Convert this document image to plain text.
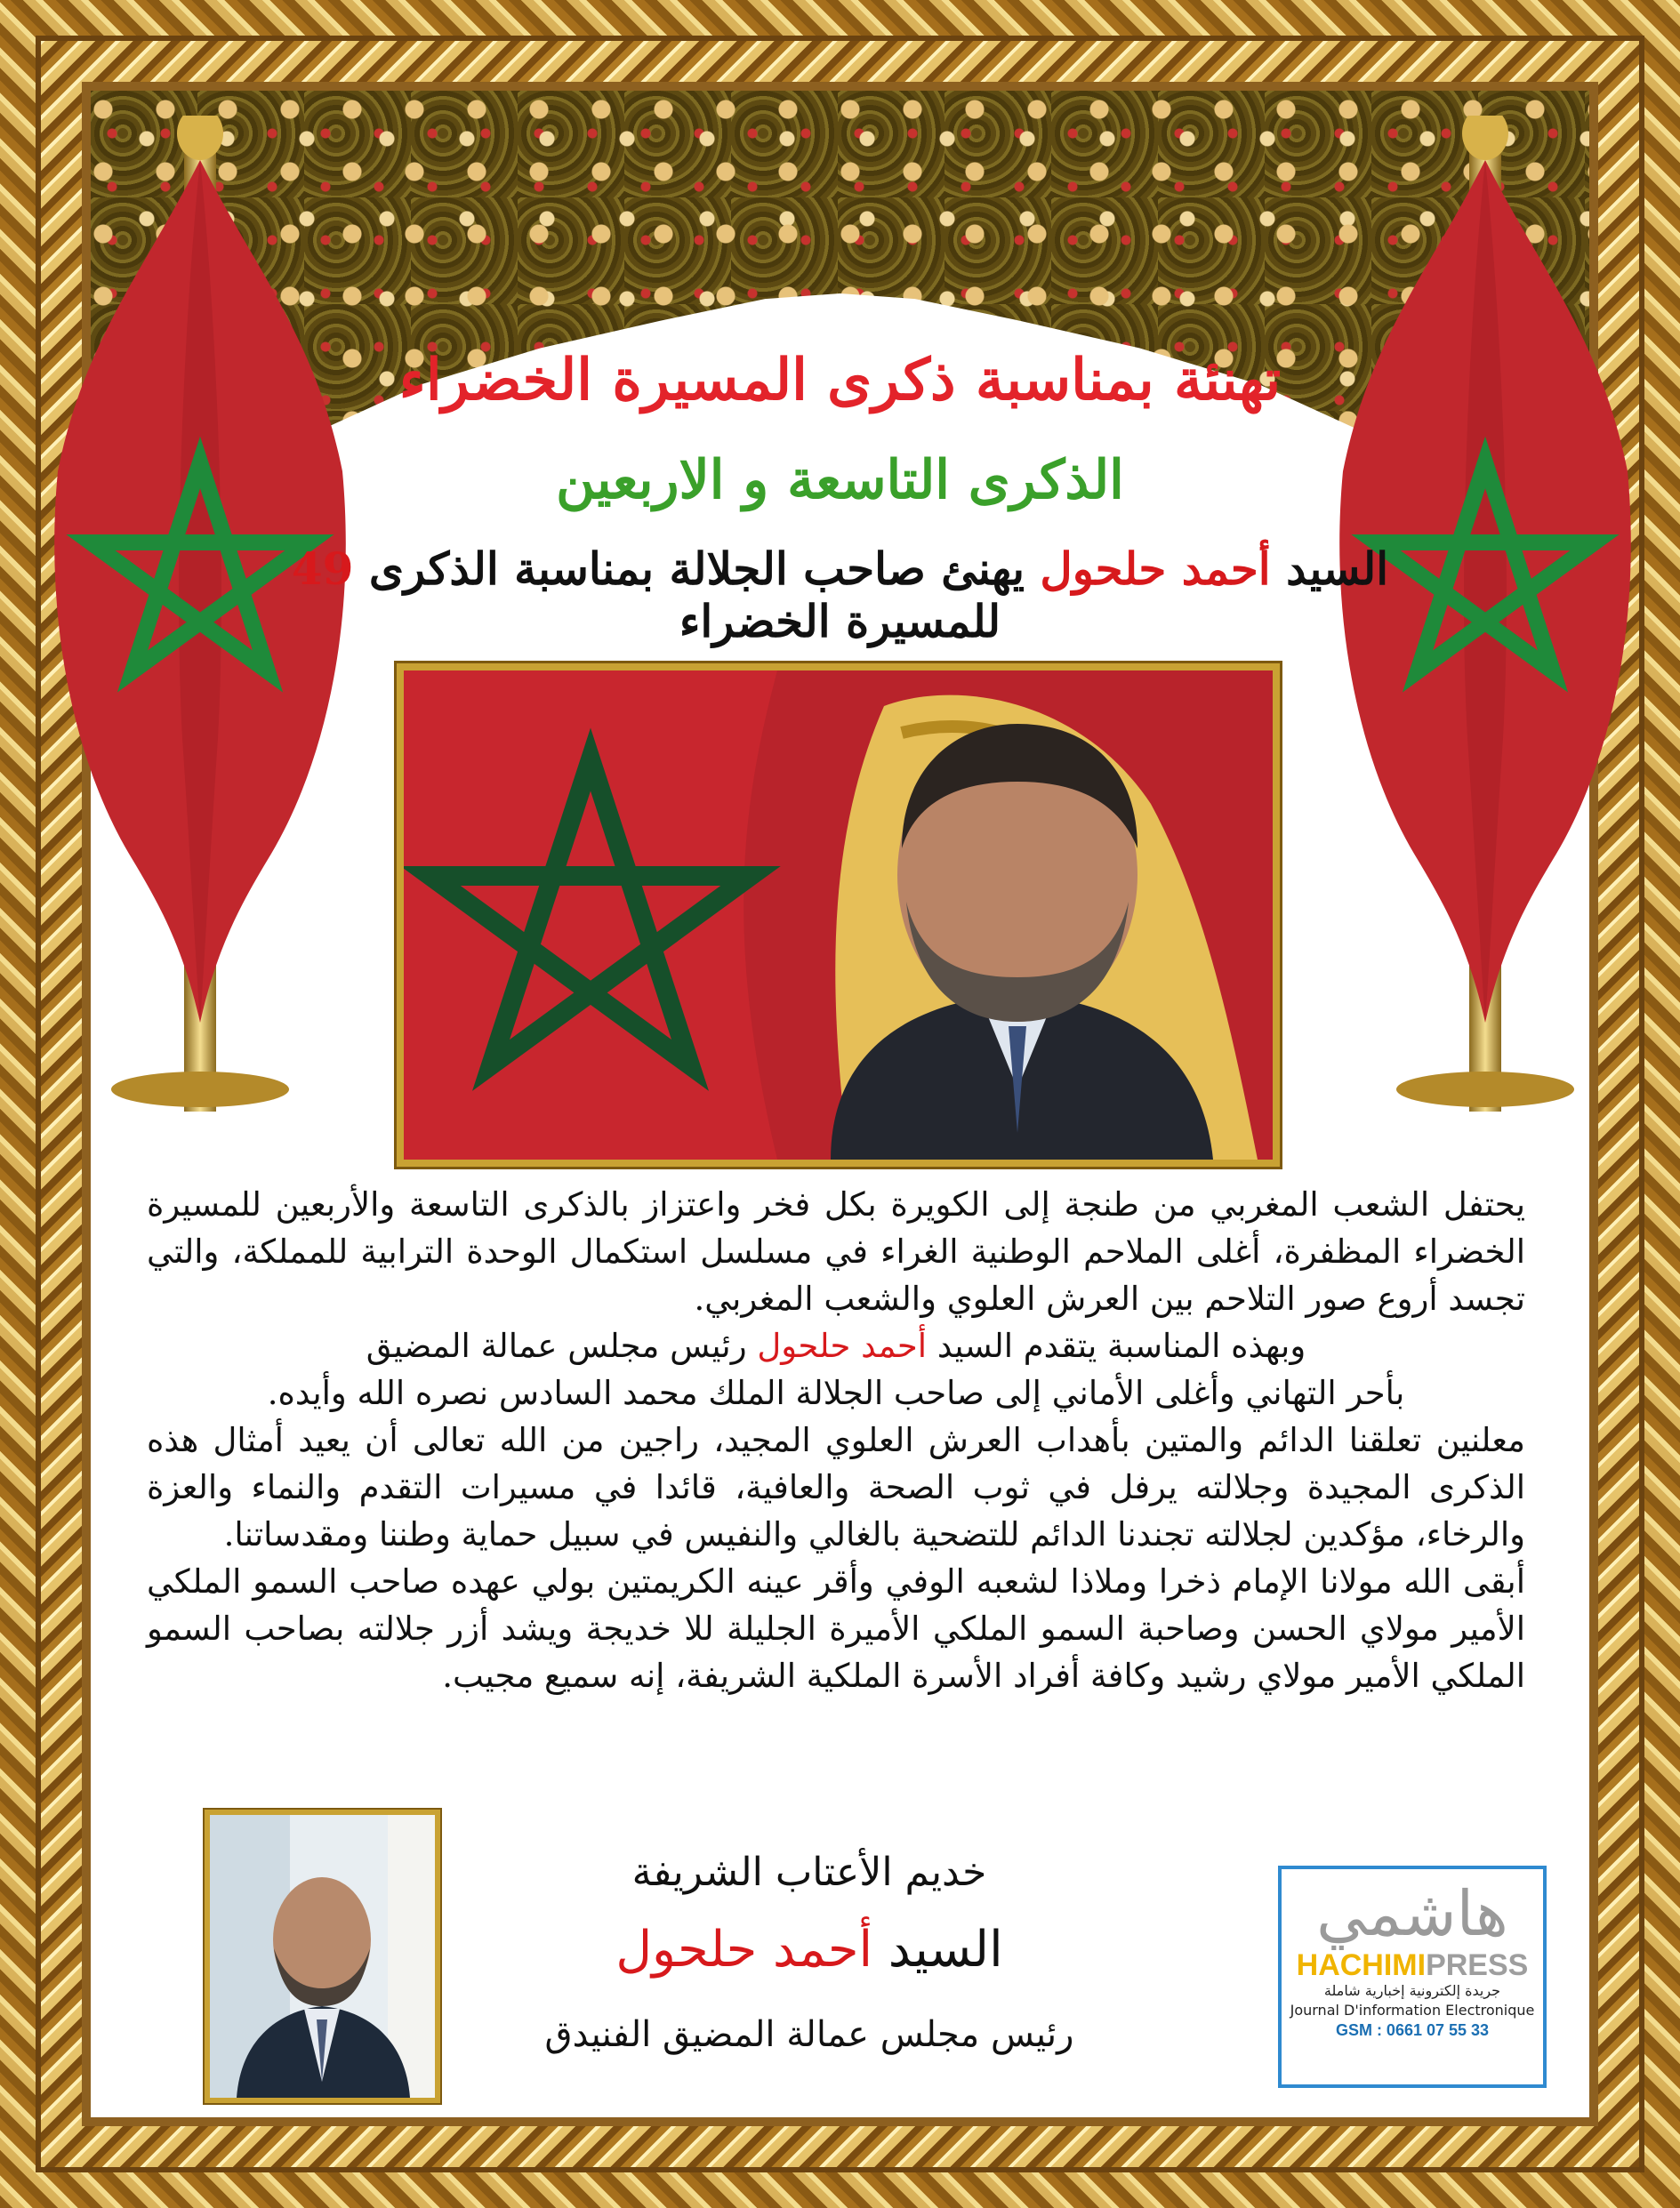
تهنئة بمناسبة ذكرى المسيرة الخضراء
الذكرى التاسعة و الاربعين
السيد أحمد حلحول يهنئ صاحب الجلالة بمناسبة الذكرى 49 للمسيرة الخضراء

يحتفل الشعب المغربي من طنجة إلى الكويرة بكل فخر واعتزاز بالذكرى التاسعة والأربعين للمسيرة الخضراء المظفرة، أغلى الملاحم الوطنية الغراء في مسلسل استكمال الوحدة الترابية للمملكة، والتي تجسد أروع صور التلاحم بين العرش العلوي والشعب المغربي.

وبهذه المناسبة يتقدم السيد أحمد حلحول رئيس مجلس عمالة المضيق

بأحر التهاني وأغلى الأماني إلى صاحب الجلالة الملك محمد السادس نصره الله وأيده.

معلنين تعلقنا الدائم والمتين بأهداب العرش العلوي المجيد، راجين من الله تعالى أن يعيد أمثال هذه الذكرى المجيدة وجلالته يرفل في ثوب الصحة والعافية، قائدا في مسيرات التقدم والنماء والعزة والرخاء، مؤكدين لجلالته تجندنا الدائم للتضحية بالغالي والنفيس في سبيل حماية وطننا ومقدساتنا.

أبقى الله مولانا الإمام ذخرا وملاذا لشعبه الوفي وأقر عينه الكريمتين بولي عهده صاحب السمو الملكي الأمير مولاي الحسن وصاحبة السمو الملكي الأميرة الجليلة للا خديجة ويشد أزر جلالته بصاحب السمو الملكي الأمير مولاي رشيد وكافة أفراد الأسرة الملكية الشريفة، إنه سميع مجيب.

خديم الأعتاب الشريفة
السيد أحمد حلحول
رئيس مجلس عمالة المضيق الفنيدق
هاشمي
HACHIMIPRESS
جريدة إلكترونية إخبارية شاملة
Journal D'information Electronique
GSM : 0661 07 55 33
